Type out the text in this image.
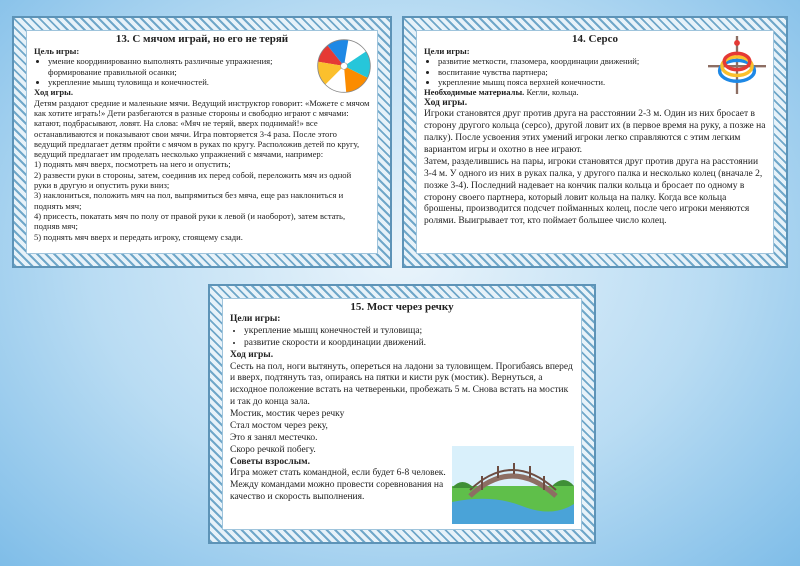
13. С мячом играй, но его не теряй

Цель игры:

• умение координированно выполнять различные упражнения; формирование правильной осанки;
• укрепление мышц туловища и конечностей.

Ход игры.

Детям раздают средние и маленькие мячи. Ведущий инструктор говорит: «Можете с мячом как хотите играть!» Дети разбегаются в разные стороны и свободно играют с мячами: катают, подбрасывают, ловят. На слова: «Мяч не теряй, вверх поднимай!» все останавливаются и показывают свои мячи. Игра повторяется 3-4 раза. После этого ведущий предлагает детям пройти с мячом в руках по кругу. Расположив детей по кругу, ведущий предлагает им проделать несколько упражнений с мячами, например:

1) поднять мяч вверх, посмотреть на него и опустить;

2) развести руки в стороны, затем, соединив их перед собой, переложить мяч из одной руки в другую и опустить руки вниз;

3) наклониться, положить мяч на пол, выпрямиться без мяча, еще раз наклониться и поднять мяч;

4) присесть, покатать мяч по полу от правой руки к левой (и наоборот), затем встать, подняв мяч;

5) поднять мяч вверх и передать игроку, стоящему сзади.

14. Серсо

Цели игры:

• развитие меткости, глазомера, координации движений;
• воспитание чувства партнера;
• укрепление мышц пояса верхней конечности.

Необходимые материалы. Кегли, кольца.

Ход игры.

Игроки становятся друг против друга на расстоянии 2-3 м. Один из них бросает в сторону другого кольца (серсо), другой ловит их (в первое время на руку, а позже на палку). После усвоения этих умений игроки легко справляются с этим легким вариантом игры и охотно в нее играют.

Затем, разделившись на пары, игроки становятся друг против друга на расстоянии 3-4 м. У одного из них в руках палка, у другого палка и несколько колец (вначале 2, позже 3-4). Последний надевает на кончик палки кольца и бросает по одному в сторону своего партнера, который ловит кольца на палку. Когда все кольца брошены, производится подсчет пойманных колец, после чего игроки меняются ролями. Выигрывает тот, кто поймает большее число колец.

15. Мост через речку

Цели игры:

• укрепление мышц конечностей и туловища;
• развитие скорости и координации движений.

Ход игры.

Сесть на пол, ноги вытянуть, опереться на ладони за туловищем. Прогибаясь вперед и вверх, подтянуть таз, опираясь на пятки и кисти рук (мостик). Вернуться, а исходное положение встать на четвереньки, пробежать 5 м. Снова встать на мостик и так до конца зала.

Мостик, мостик через речку

Стал мостом через реку,

Это я занял местечко.

Скоро речкой побегу.

Советы взрослым.

Игра может стать командной, если будет 6-8 человек. Между командами можно провести соревнования на качество и скорость выполнения.
